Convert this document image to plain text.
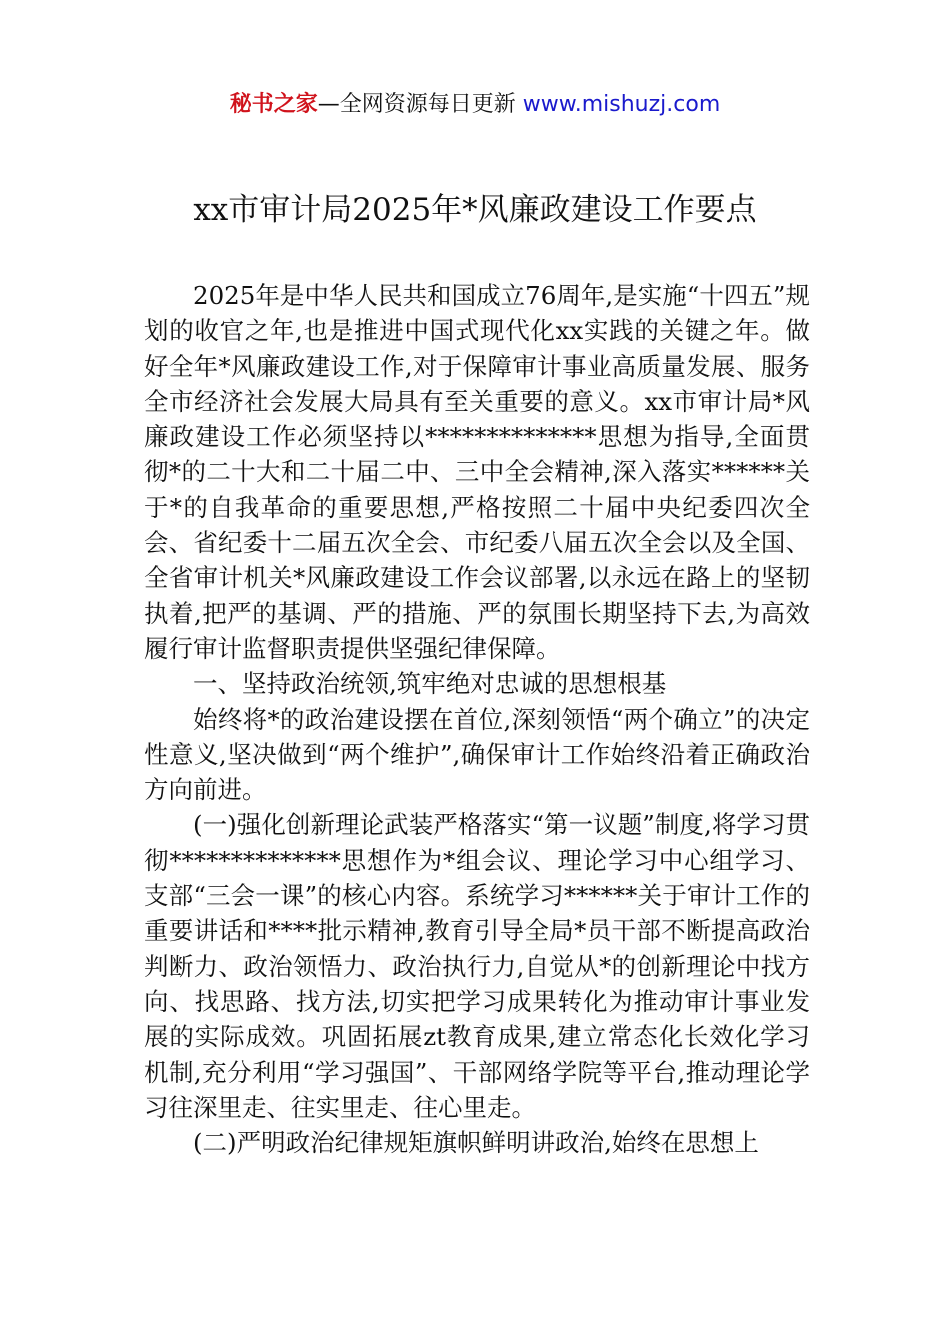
秘书之家—全网资源每日更新 www.mishuzj.com
xx市审计局2025年*风廉政建设工作要点

2025年是中华人民共和国成立76周年,是实施“十四五”规划的收官之年,也是推进中国式现代化xx实践的关键之年。做好全年*风廉政建设工作,对于保障审计事业高质量发展、服务全市经济社会发展大局具有至关重要的意义。xx市审计局*风廉政建设工作必须坚持以**************思想为指导,全面贯彻*的二十大和二十届二中、三中全会精神,深入落实******关于*的自我革命的重要思想,严格按照二十届中央纪委四次全会、省纪委十二届五次全会、市纪委八届五次全会以及全国、全省审计机关*风廉政建设工作会议部署,以永远在路上的坚韧执着,把严的基调、严的措施、严的氛围长期坚持下去,为高效履行审计监督职责提供坚强纪律保障。

一、坚持政治统领,筑牢绝对忠诚的思想根基

始终将*的政治建设摆在首位,深刻领悟“两个确立”的决定性意义,坚决做到“两个维护”,确保审计工作始终沿着正确政治方向前进。

(一)强化创新理论武装严格落实“第一议题”制度,将学习贯彻**************思想作为*组会议、理论学习中心组学习、支部“三会一课”的核心内容。系统学习******关于审计工作的重要讲话和****批示精神,教育引导全局*员干部不断提高政治判断力、政治领悟力、政治执行力,自觉从*的创新理论中找方向、找思路、找方法,切实把学习成果转化为推动审计事业发展的实际成效。巩固拓展zt教育成果,建立常态化长效化学习机制,充分利用“学习强国”、干部网络学院等平台,推动理论学习往深里走、往实里走、往心里走。

(二)严明政治纪律规矩旗帜鲜明讲政治,始终在思想上
